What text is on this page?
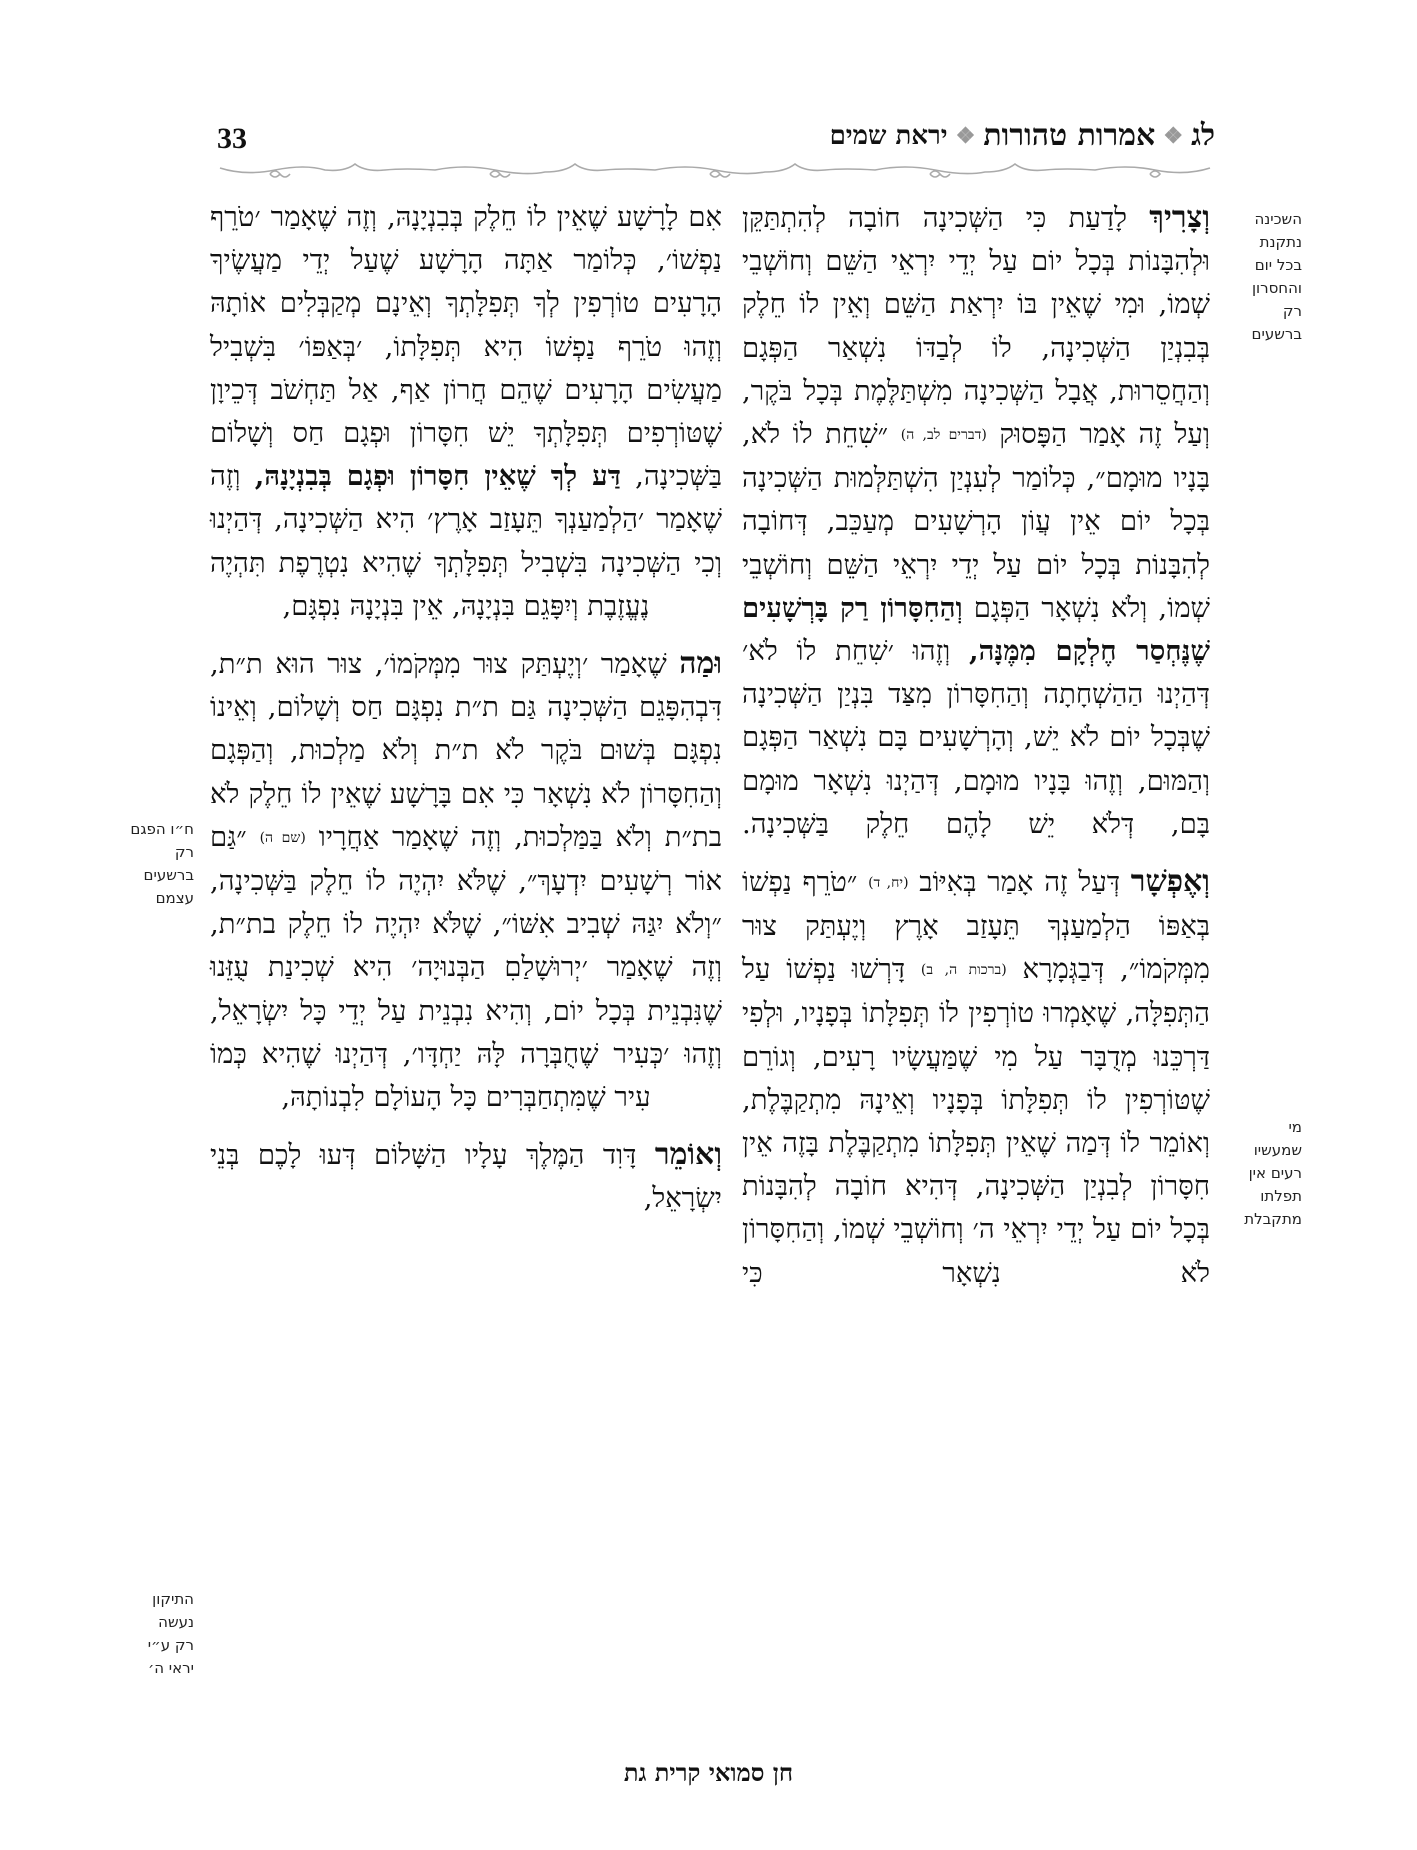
33	לג
❖
אמרות טהורות
❖
יראת שמים

וְצָרִיךְ לָדַעַת כִּי הַשְּׁכִינָה חוֹבָה לְהִתְתַּקֵּן וּלְהִבָּנוֹת בְּכָל יוֹם עַל יְדֵי יִרְאֵי הַשֵּׁם וְחוֹשְׁבֵי שְׁמוֹ, וּמִי שֶׁאֵין בּוֹ יִרְאַת הַשֵּׁם וְאֵין לוֹ חֵלֶק בְּבִנְיַן הַשְּׁכִינָה, לוֹ לְבַדּוֹ נִשְׁאַר הַפְּגָם וְהַחֲסֵרוּת, אֲבָל הַשְּׁכִינָה מִשְׁתַּלֶּמֶת בְּכָל בֹּקֶר, וְעַל זֶה אָמַר הַפָּסוּק (דברים לב, ה) ״שִׁחֵת לוֹ לֹא, בָּנָיו מוּמָם״, כְּלוֹמַר לְעִנְיַן הִשְׁתַּלְּמוּת הַשְּׁכִינָה בְּכָל יוֹם אֵין עֲוֹן הָרְשָׁעִים מְעַכֵּב, דְּחוֹבָה לְהִבָּנוֹת בְּכָל יוֹם עַל יְדֵי יִרְאֵי הַשֵּׁם וְחוֹשְׁבֵי שְׁמוֹ, וְלֹא נִשְׁאָר הַפְּגָם וְהַחִסָּרוֹן רַק בָּרְשָׁעִים שֶׁנֶּחְסַר חֶלְקָם מִמֶּנָּה, וְזֶהוּ ׳שִׁחֵת לוֹ לֹא׳ דְּהַיְנוּ הַהַשְׁחָתָה וְהַחִסָּרוֹן מִצַּד בִּנְיַן הַשְּׁכִינָה שֶׁבְּכָל יוֹם לֹא יֵשׁ, וְהָרְשָׁעִים בָּם נִשְׁאַר הַפְּגָם וְהַמּוּם, וְזֶהוּ בָּנָיו מוּמָם, דְּהַיְנוּ נִשְׁאָר מוּמָם בָּם, דְּלֹא יֵשׁ לָהֶם חֵלֶק בַּשְּׁכִינָה.

וְאֶפְשָׁר דְּעַל זֶה אָמַר בְּאִיּוֹב (יח, ד) ״טֹרֵף נַפְשׁוֹ בְּאַפּוֹ הַלְמַעַנְךָ תֵּעָזַב אָרֶץ וְיֶעְתַּק צוּר מִמְּקֹמוֹ״, דְּבַגְּמָרָא (ברכות ה, ב) דָּרְשׁוּ נַפְשׁוֹ עַל הַתְּפִלָּה, שֶׁאָמְרוּ טוֹרְפִין לוֹ תְּפִלָּתוֹ בְּפָנָיו, וּלְפִי דַּרְכֵּנוּ מְדֻבָּר עַל מִי שֶׁמַּעֲשָׂיו רָעִים, וְגוֹרֵם שֶׁטּוֹרְפִין לוֹ תְּפִלָּתוֹ בְּפָנָיו וְאֵינָהּ מִתְקַבֶּלֶת, וְאוֹמֵר לוֹ דְּמַה שֶׁאֵין תְּפִלָּתוֹ מִתְקַבֶּלֶת בָּזֶה אֵין חִסָּרוֹן לְבִנְיַן הַשְּׁכִינָה, דְּהִיא חוֹבָה לְהִבָּנוֹת בְּכָל יוֹם עַל יְדֵי יִרְאֵי ה׳ וְחוֹשְׁבֵי שְׁמוֹ, וְהַחִסָּרוֹן לֹא נִשְׁאָר כִּי

אִם לָרָשָׁע שֶׁאֵין לוֹ חֵלֶק בְּבִנְיָנָהּ, וְזֶה שֶׁאָמַר ׳טֹרֵף נַפְשׁוֹ׳, כְּלוֹמַר אַתָּה הָרָשָׁע שֶׁעַל יְדֵי מַעֲשֶׂיךָ הָרָעִים טוֹרְפִין לְךָ תְּפִלָּתְךָ וְאֵינָם מְקַבְּלִים אוֹתָהּ וְזֶהוּ טֹרֵף נַפְשׁוֹ הִיא תְּפִלָּתוֹ, ׳בְּאַפּוֹ׳ בִּשְׁבִיל מַעֲשִׂים הָרָעִים שֶׁהֵם חֲרוֹן אַף, אַל תַּחְשֹׁב דְּכֵיוָן שֶׁטּוֹרְפִים תְּפִלָּתְךָ יֵשׁ חִסָּרוֹן וּפְגָם חַס וְשָׁלוֹם בַּשְּׁכִינָה, דַּע לְךָ שֶׁאֵין חִסָּרוֹן וּפְגָם בְּבִנְיָנָהּ, וְזֶה שֶׁאָמַר ׳הַלְמַעַנְךָ תֵּעָזַב אָרֶץ׳ הִיא הַשְּׁכִינָה, דְּהַיְנוּ וְכִי הַשְּׁכִינָה בִּשְׁבִיל תְּפִלָּתְךָ שֶׁהִיא נִטְרֶפֶת תִּהְיֶה נֶעֱזֶבֶת וְיִפָּגֵם בִּנְיָנָהּ, אֵין בִּנְיָנָהּ נִפְגָּם,

וּמַה שֶׁאָמַר ׳וְיֶעְתַּק צוּר מִמְּקֹמוֹ׳, צוּר הוּא ת״ת, דִּבְהִפָּגֵם הַשְּׁכִינָה גַּם ת״ת נִפְגָּם חַס וְשָׁלוֹם, וְאֵינוֹ נִפְגָּם בְּשׁוּם בֹּקֶר לֹא ת״ת וְלֹא מַלְכוּת, וְהַפְּגָם וְהַחִסָּרוֹן לֹא נִשְׁאָר כִּי אִם בָּרָשָׁע שֶׁאֵין לוֹ חֵלֶק לֹא בת״ת וְלֹא בַּמַּלְכוּת, וְזֶה שֶׁאָמַר אַחֲרָיו (שם ה) ״גַּם אוֹר רְשָׁעִים יִדְעָךְ״, שֶׁלֹּא יִהְיֶה לוֹ חֵלֶק בַּשְּׁכִינָה, ״וְלֹא יִגַּהּ שְׁבִיב אִשּׁוֹ״, שֶׁלֹּא יִהְיֶה לוֹ חֵלֶק בת״ת, וְזֶה שֶׁאָמַר ׳יְרוּשָׁלַםִ הַבְּנוּיָה׳ הִיא שְׁכִינַת עֻזֵּנוּ שֶׁנִּבְנֵית בְּכָל יוֹם, וְהִיא נִבְנֵית עַל יְדֵי כָּל יִשְׂרָאֵל, וְזֶהוּ ׳כְּעִיר שֶׁחֻבְּרָה לָּהּ יַחְדָּו׳, דְּהַיְנוּ שֶׁהִיא כְּמוֹ עִיר שֶׁמִּתְחַבְּרִים כָּל הָעוֹלָם לִבְנוֹתָהּ,

וְאוֹמֵר דָּוִד הַמֶּלֶךְ עָלָיו הַשָּׁלוֹם דְּעוּ לָכֶם בְּנֵי יִשְׂרָאֵל,

השכינה
נתקנת
בכל יום
והחסרון
רק
ברשעים
מי
שמעשיו
רעים אין
תפלתו
מתקבלת
ח״ו הפגם
רק
ברשעים
עצמם
התיקון
נעשה
רק ע״י
יראי ה׳
חן סמואי קרית גת
